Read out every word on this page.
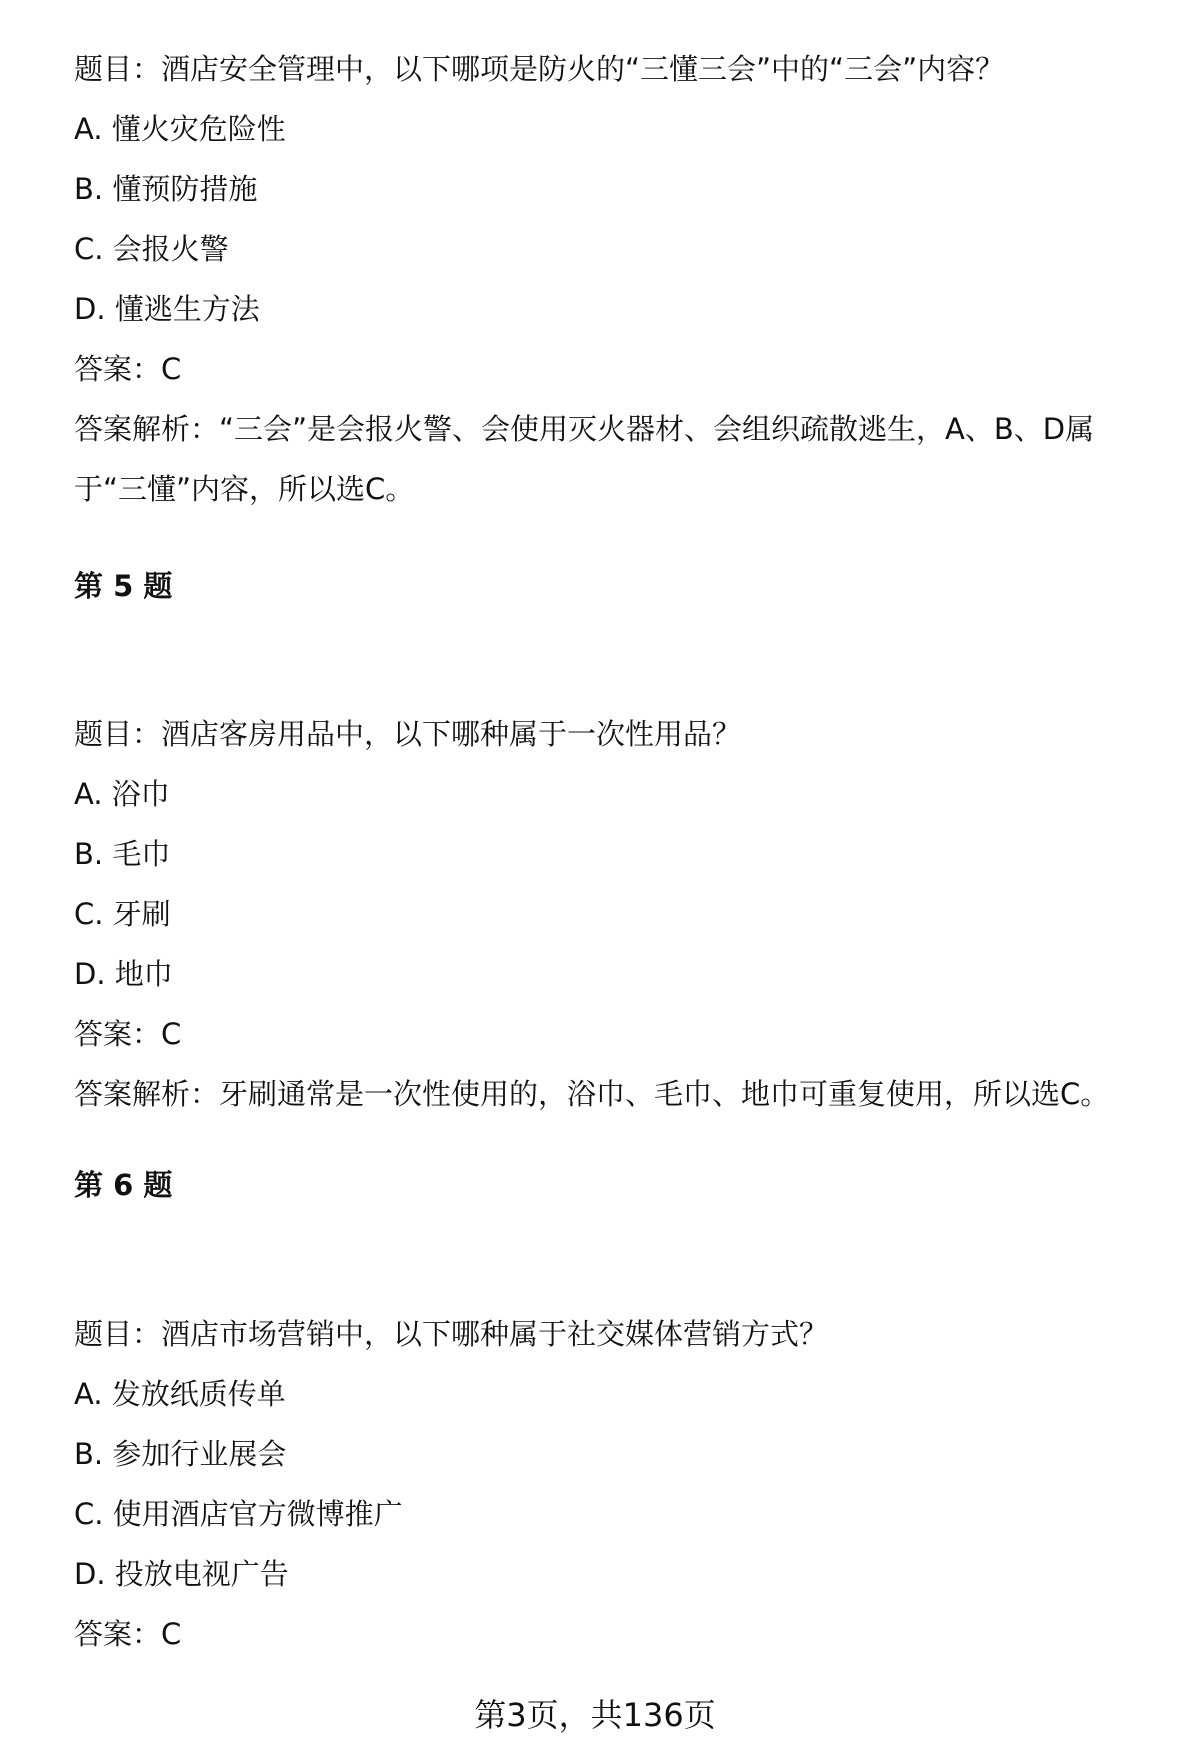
题目：酒店安全管理中，以下哪项是防火的“三懂三会”中的“三会”内容？
A. 懂火灾危险性
B. 懂预防措施
C. 会报火警
D. 懂逃生方法
答案：C
答案解析：“三会”是会报火警、会使用灭火器材、会组织疏散逃生，A、B、D属于“三懂”内容，所以选C。
第 5 题
题目：酒店客房用品中，以下哪种属于一次性用品？
A. 浴巾
B. 毛巾
C. 牙刷
D. 地巾
答案：C
答案解析：牙刷通常是一次性使用的，浴巾、毛巾、地巾可重复使用，所以选C。
第 6 题
题目：酒店市场营销中，以下哪种属于社交媒体营销方式？
A. 发放纸质传单
B. 参加行业展会
C. 使用酒店官方微博推广
D. 投放电视广告
答案：C
第3页，共136页
